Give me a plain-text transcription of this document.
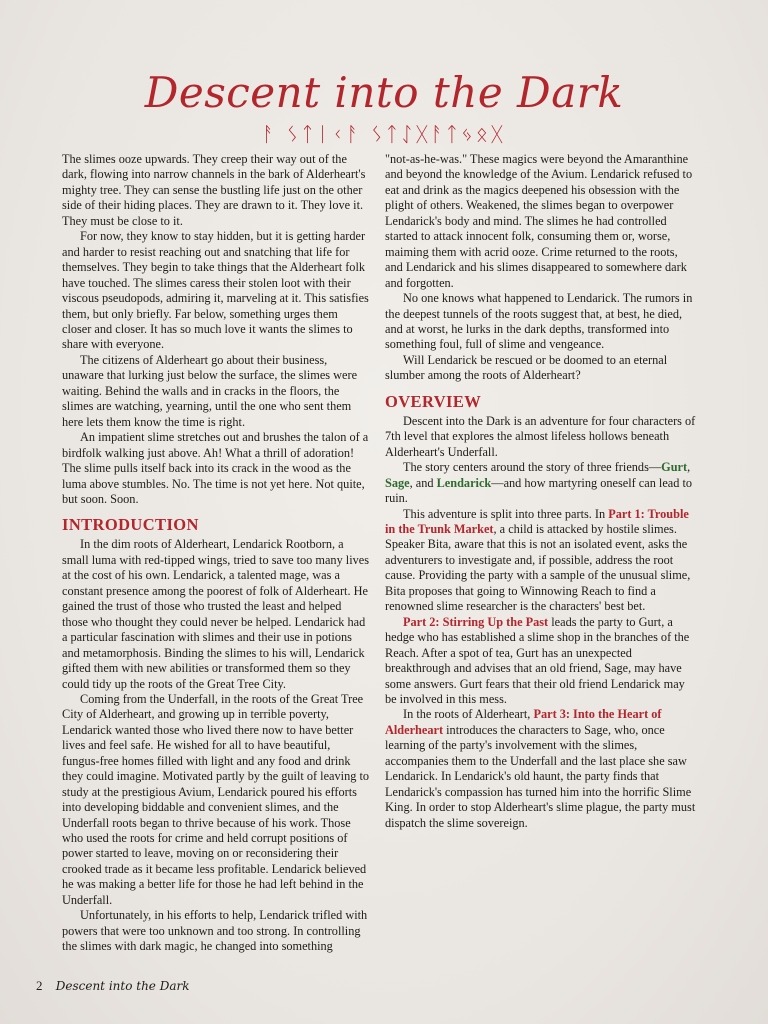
Descent into the Dark
ᚨ ᛊᛏᛁᚲᚨ ᛊᛏᛇᚷᚨᛏᛃᛟᚷ

The slimes ooze upwards. They creep their way out of the dark, flowing into narrow channels in the bark of Alderheart's mighty tree. They can sense the bustling life just on the other side of their hiding places. They are drawn to it. They love it. They must be close to it.

For now, they know to stay hidden, but it is getting harder and harder to resist reaching out and snatching that life for themselves. They begin to take things that the Alderheart folk have touched. The slimes caress their stolen loot with their viscous pseudopods, admiring it, marveling at it. This satisfies them, but only briefly. Far below, something urges them closer and closer. It has so much love it wants the slimes to share with everyone.

The citizens of Alderheart go about their business, unaware that lurking just below the surface, the slimes were waiting. Behind the walls and in cracks in the floors, the slimes are watching, yearning, until the one who sent them here lets them know the time is right.

An impatient slime stretches out and brushes the talon of a birdfolk walking just above. Ah! What a thrill of adoration! The slime pulls itself back into its crack in the wood as the luma above stumbles. No. The time is not yet here. Not quite, but soon. Soon.

INTRODUCTION

In the dim roots of Alderheart, Lendarick Rootborn, a small luma with red-tipped wings, tried to save too many lives at the cost of his own. Lendarick, a talented mage, was a constant presence among the poorest of folk of Alderheart. He gained the trust of those who trusted the least and helped those who thought they could never be helped. Lendarick had a particular fascination with slimes and their use in potions and metamorphosis. Binding the slimes to his will, Lendarick gifted them with new abilities or transformed them so they could tidy up the roots of the Great Tree City.

Coming from the Underfall, in the roots of the Great Tree City of Alderheart, and growing up in terrible poverty, Lendarick wanted those who lived there now to have better lives and feel safe. He wished for all to have beautiful, fungus-free homes filled with light and any food and drink they could imagine. Motivated partly by the guilt of leaving to study at the prestigious Avium, Lendarick poured his efforts into developing biddable and convenient slimes, and the Underfall roots began to thrive because of his work. Those who used the roots for crime and held corrupt positions of power started to leave, moving on or reconsidering their crooked trade as it became less profitable. Lendarick believed he was making a better life for those he had left behind in the Underfall.

Unfortunately, in his efforts to help, Lendarick trifled with powers that were too unknown and too strong. In controlling the slimes with dark magic, he changed into something

"not-as-he-was." These magics were beyond the Amaranthine and beyond the knowledge of the Avium. Lendarick refused to eat and drink as the magics deepened his obsession with the plight of others. Weakened, the slimes began to overpower Lendarick's body and mind. The slimes he had controlled started to attack innocent folk, consuming them or, worse, maiming them with acrid ooze. Crime returned to the roots, and Lendarick and his slimes disappeared to somewhere dark and forgotten.

No one knows what happened to Lendarick. The rumors in the deepest tunnels of the roots suggest that, at best, he died, and at worst, he lurks in the dark depths, transformed into something foul, full of slime and vengeance.

Will Lendarick be rescued or be doomed to an eternal slumber among the roots of Alderheart?

OVERVIEW

Descent into the Dark is an adventure for four characters of 7th level that explores the almost lifeless hollows beneath Alderheart's Underfall.

The story centers around the story of three friends—Gurt, Sage, and Lendarick—and how martyring oneself can lead to ruin.

This adventure is split into three parts. In Part 1: Trouble in the Trunk Market, a child is attacked by hostile slimes. Speaker Bita, aware that this is not an isolated event, asks the adventurers to investigate and, if possible, address the root cause. Providing the party with a sample of the unusual slime, Bita proposes that going to Winnowing Reach to find a renowned slime researcher is the characters' best bet.

Part 2: Stirring Up the Past leads the party to Gurt, a hedge who has established a slime shop in the branches of the Reach. After a spot of tea, Gurt has an unexpected breakthrough and advises that an old friend, Sage, may have some answers. Gurt fears that their old friend Lendarick may be involved in this mess.

In the roots of Alderheart, Part 3: Into the Heart of Alderheart introduces the characters to Sage, who, once learning of the party's involvement with the slimes, accompanies them to the Underfall and the last place she saw Lendarick. In Lendarick's old haunt, the party finds that Lendarick's compassion has turned him into the horrific Slime King. In order to stop Alderheart's slime plague, the party must dispatch the slime sovereign.

2 Descent into the Dark
